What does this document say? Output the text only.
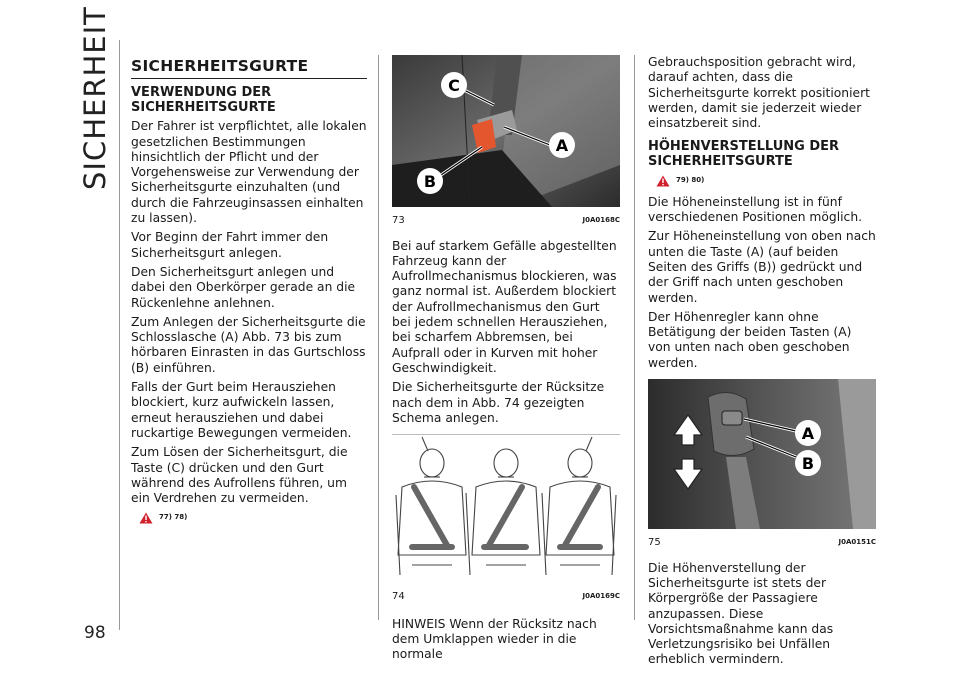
SICHERHEIT
98
SICHERHEITSGURTE
VERWENDUNG DER SICHERHEITSGURTE

Der Fahrer ist verpflichtet, alle lokalen gesetzlichen Bestimmungen hinsichtlich der Pflicht und der Vorgehensweise zur Verwendung der Sicherheitsgurte einzuhalten (und durch die Fahrzeuginsassen einhalten zu lassen).

Vor Beginn der Fahrt immer den Sicherheitsgurt anlegen.

Den Sicherheitsgurt anlegen und dabei den Oberkörper gerade an die Rückenlehne anlehnen.

Zum Anlegen der Sicherheitsgurte die Schlosslasche (A) Abb. 73 bis zum hörbaren Einrasten in das Gurtschloss (B) einführen.

Falls der Gurt beim Herausziehen blockiert, kurz aufwickeln lassen, erneut herausziehen und dabei ruckartige Bewegungen vermeiden.

Zum Lösen der Sicherheitsgurt, die Taste (C) drücken und den Gurt während des Aufrollens führen, um ein Verdrehen zu vermeiden.

77) 78)
C
A
B
73	J0A0168C

Bei auf starkem Gefälle abgestellten Fahrzeug kann der Aufrollmechanismus blockieren, was ganz normal ist. Außerdem blockiert der Aufrollmechanismus den Gurt bei jedem schnellen Herausziehen, bei scharfem Abbremsen, bei Aufprall oder in Kurven mit hoher Geschwindigkeit.

Die Sicherheitsgurte der Rücksitze nach dem in Abb. 74 gezeigten Schema anlegen.

74	J0A0169C

HINWEIS Wenn der Rücksitz nach dem Umklappen wieder in die normale

Gebrauchsposition gebracht wird, darauf achten, dass die Sicherheitsgurte korrekt positioniert werden, damit sie jederzeit wieder einsatzbereit sind.

HÖHENVERSTELLUNG DER SICHERHEITSGURTE
79) 80)

Die Höheneinstellung ist in fünf verschiedenen Positionen möglich.

Zur Höheneinstellung von oben nach unten die Taste (A) (auf beiden Seiten des Griffs (B)) gedrückt und der Griff nach unten geschoben werden.

Der Höhenregler kann ohne Betätigung der beiden Tasten (A) von unten nach oben geschoben werden.

A
B
75	J0A0151C

Die Höhenverstellung der Sicherheitsgurte ist stets der Körpergröße der Passagiere anzupassen. Diese Vorsichtsmaßnahme kann das Verletzungsrisiko bei Unfällen erheblich vermindern.
